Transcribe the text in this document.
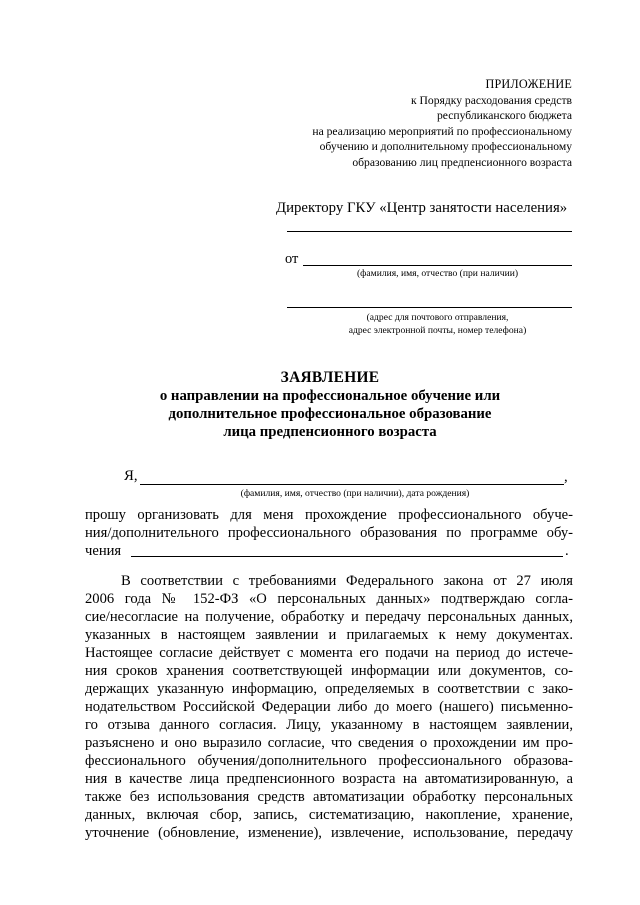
ПРИЛОЖЕНИЕ
к Порядку расходования средств
республиканского бюджета
на реализацию мероприятий по профессиональному
обучению и дополнительному профессиональному
образованию лиц предпенсионного возраста
Директору ГКУ «Центр занятости населения»
от
(фамилия, имя, отчество (при наличии)
(адрес для почтового отправления,
адрес электронной почты, номер телефона)
ЗАЯВЛЕНИЕ
о направлении на профессиональное обучение или
дополнительное профессиональное образование
лица предпенсионного возраста
Я,	,
(фамилия, имя, отчество (при наличии), дата рождения)
прошу организовать для меня прохождение профессионального обуче-
ния/дополнительного профессионального образования по программе обу-
чения	.
В соответствии с требованиями Федерального закона от 27 июля
2006 года № 152-ФЗ «О персональных данных» подтверждаю согла-
сие/несогласие на получение, обработку и передачу персональных данных,
указанных в настоящем заявлении и прилагаемых к нему документах.
Настоящее согласие действует с момента его подачи на период до истече-
ния сроков хранения соответствующей информации или документов, со-
держащих указанную информацию, определяемых в соответствии с зако-
нодательством Российской Федерации либо до моего (нашего) письменно-
го отзыва данного согласия. Лицу, указанному в настоящем заявлении,
разъяснено и оно выразило согласие, что сведения о прохождении им про-
фессионального обучения/дополнительного профессионального образова-
ния в качестве лица предпенсионного возраста на автоматизированную, а
также без использования средств автоматизации обработку персональных
данных, включая сбор, запись, систематизацию, накопление, хранение,
уточнение (обновление, изменение), извлечение, использование, передачу
